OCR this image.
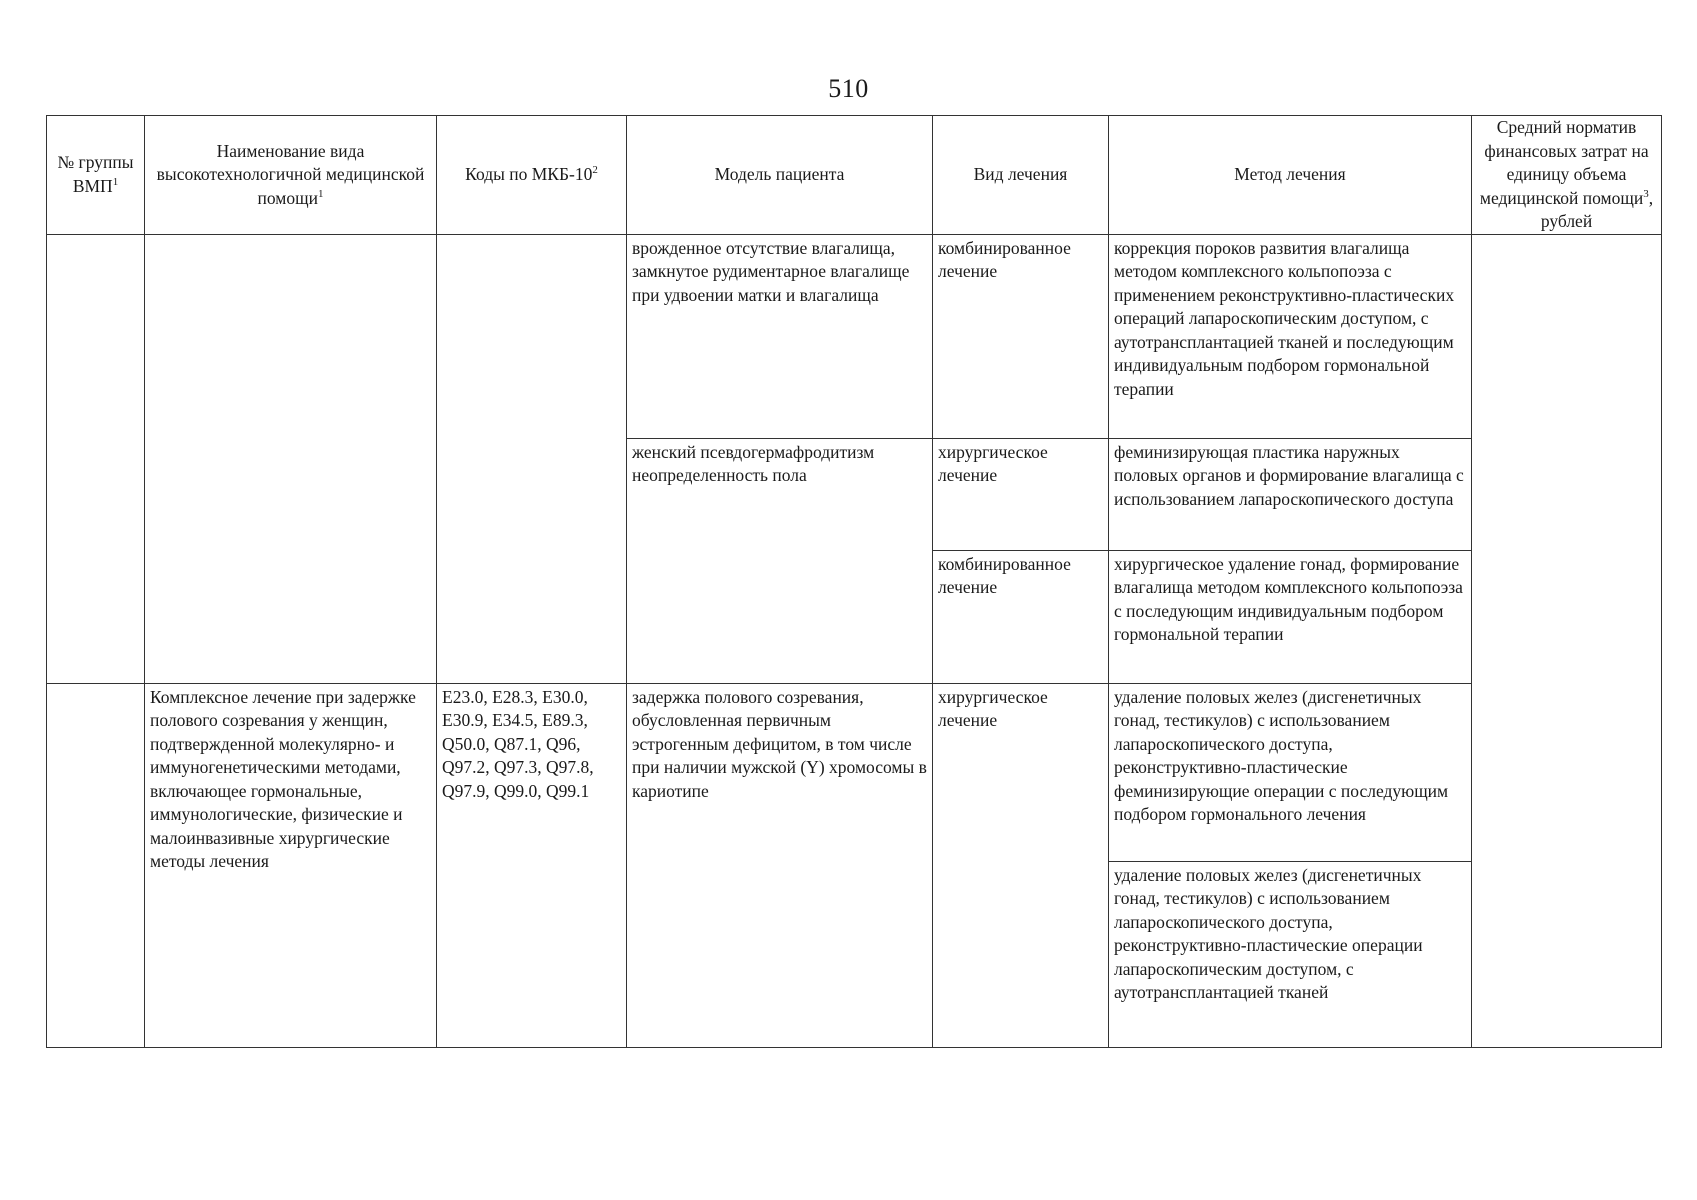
510
№ группы ВМП$^1$	Наименование вида высокотехнологичной медицинской помощи$^1$	Коды по МКБ-$10^2$	Модель пациента	Вид лечения	Метод лечения	Средний норматив финансовых затрат на единицу объема медицинской помощи$^3$, рублей
			врожденное отсутствие влагалища, замкнутое рудиментарное влагалище при удвоении матки и влагалища	комбинированное лечение	коррекция пороков развития влагалища методом комплексного кольпопоэза с применением реконструктивно-пластических операций лапароскопическим доступом, с аутотрансплантацией тканей и последующим индивидуальным подбором гормональной терапии	
			женский псевдогермафродитизм неопределенность пола	хирургическое лечение	феминизирующая пластика наружных половых органов и формирование влагалища с использованием лапароскопического доступа	
				комбинированное лечение	хирургическое удаление гонад, формирование влагалища методом комплексного кольпопоэза с последующим индивидуальным подбором гормональной терапии	
	Комплексное лечение при задержке полового созревания у женщин, подтвержденной молекулярно- и иммуногенетическими методами, включающее гормональные, иммунологические, физические и малоинвазивные хирургические методы лечения	E23.0, E28.3, E30.0, E30.9, E34.5, E89.3, Q50.0, Q87.1, Q96, Q97.2, Q97.3, Q97.8, Q97.9, Q99.0, Q99.1	задержка полового созревания, обусловленная первичным эстрогенным дефицитом, в том числе при наличии мужской (Y) хромосомы в кариотипе	хирургическое лечение	удаление половых желез (дисгенетичных гонад, тестикулов) с использованием лапароскопического доступа, реконструктивно-пластические феминизирующие операции с последующим подбором гормонального лечения	
					удаление половых желез (дисгенетичных гонад, тестикулов) с использованием лапароскопического доступа, реконструктивно-пластические операции лапароскопическим доступом, с аутотрансплантацией тканей	
